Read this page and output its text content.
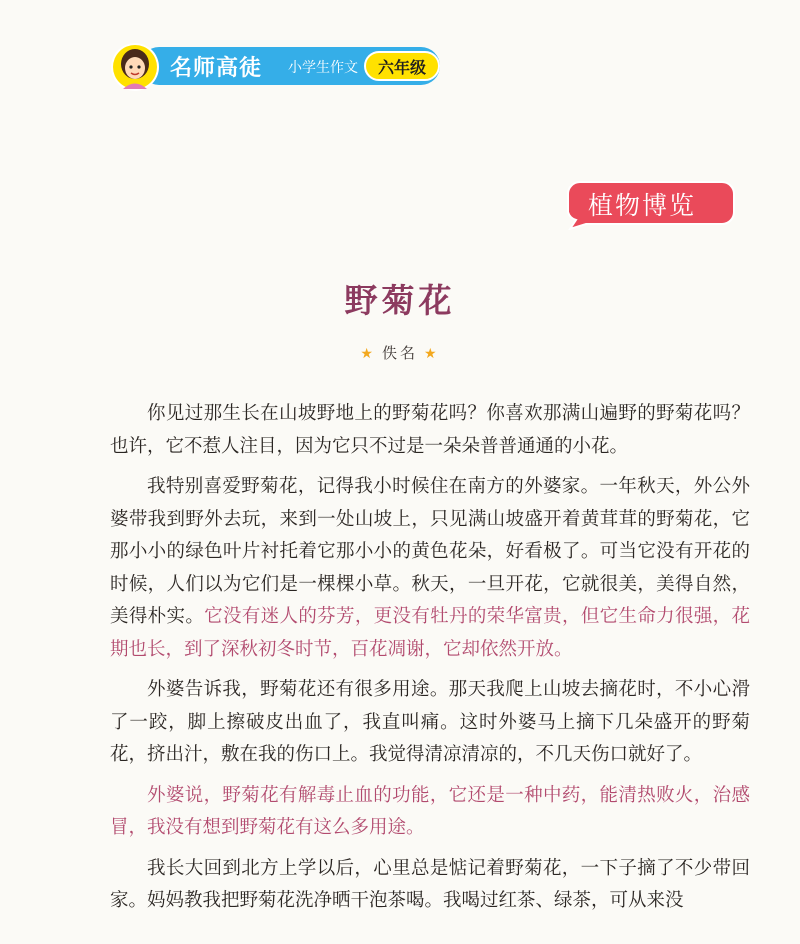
名师高徒 小学生作文 六年级
植物博览
野菊花
★ 佚名 ★

你见过那生长在山坡野地上的野菊花吗？你喜欢那满山遍野的野菊花吗？也许，它不惹人注目，因为它只不过是一朵朵普普通通的小花。

我特别喜爱野菊花，记得我小时候住在南方的外婆家。一年秋天，外公外婆带我到野外去玩，来到一处山坡上，只见满山坡盛开着黄茸茸的野菊花，它那小小的绿色叶片衬托着它那小小的黄色花朵，好看极了。可当它没有开花的时候，人们以为它们是一棵棵小草。秋天，一旦开花，它就很美，美得自然，美得朴实。它没有迷人的芬芳，更没有牡丹的荣华富贵，但它生命力很强，花期也长，到了深秋初冬时节，百花凋谢，它却依然开放。

外婆告诉我，野菊花还有很多用途。那天我爬上山坡去摘花时，不小心滑了一跤，脚上擦破皮出血了，我直叫痛。这时外婆马上摘下几朵盛开的野菊花，挤出汁，敷在我的伤口上。我觉得清凉清凉的，不几天伤口就好了。

外婆说，野菊花有解毒止血的功能，它还是一种中药，能清热败火，治感冒，我没有想到野菊花有这么多用途。

我长大回到北方上学以后，心里总是惦记着野菊花，一下子摘了不少带回家。妈妈教我把野菊花洗净晒干泡茶喝。我喝过红茶、绿茶，可从来没
